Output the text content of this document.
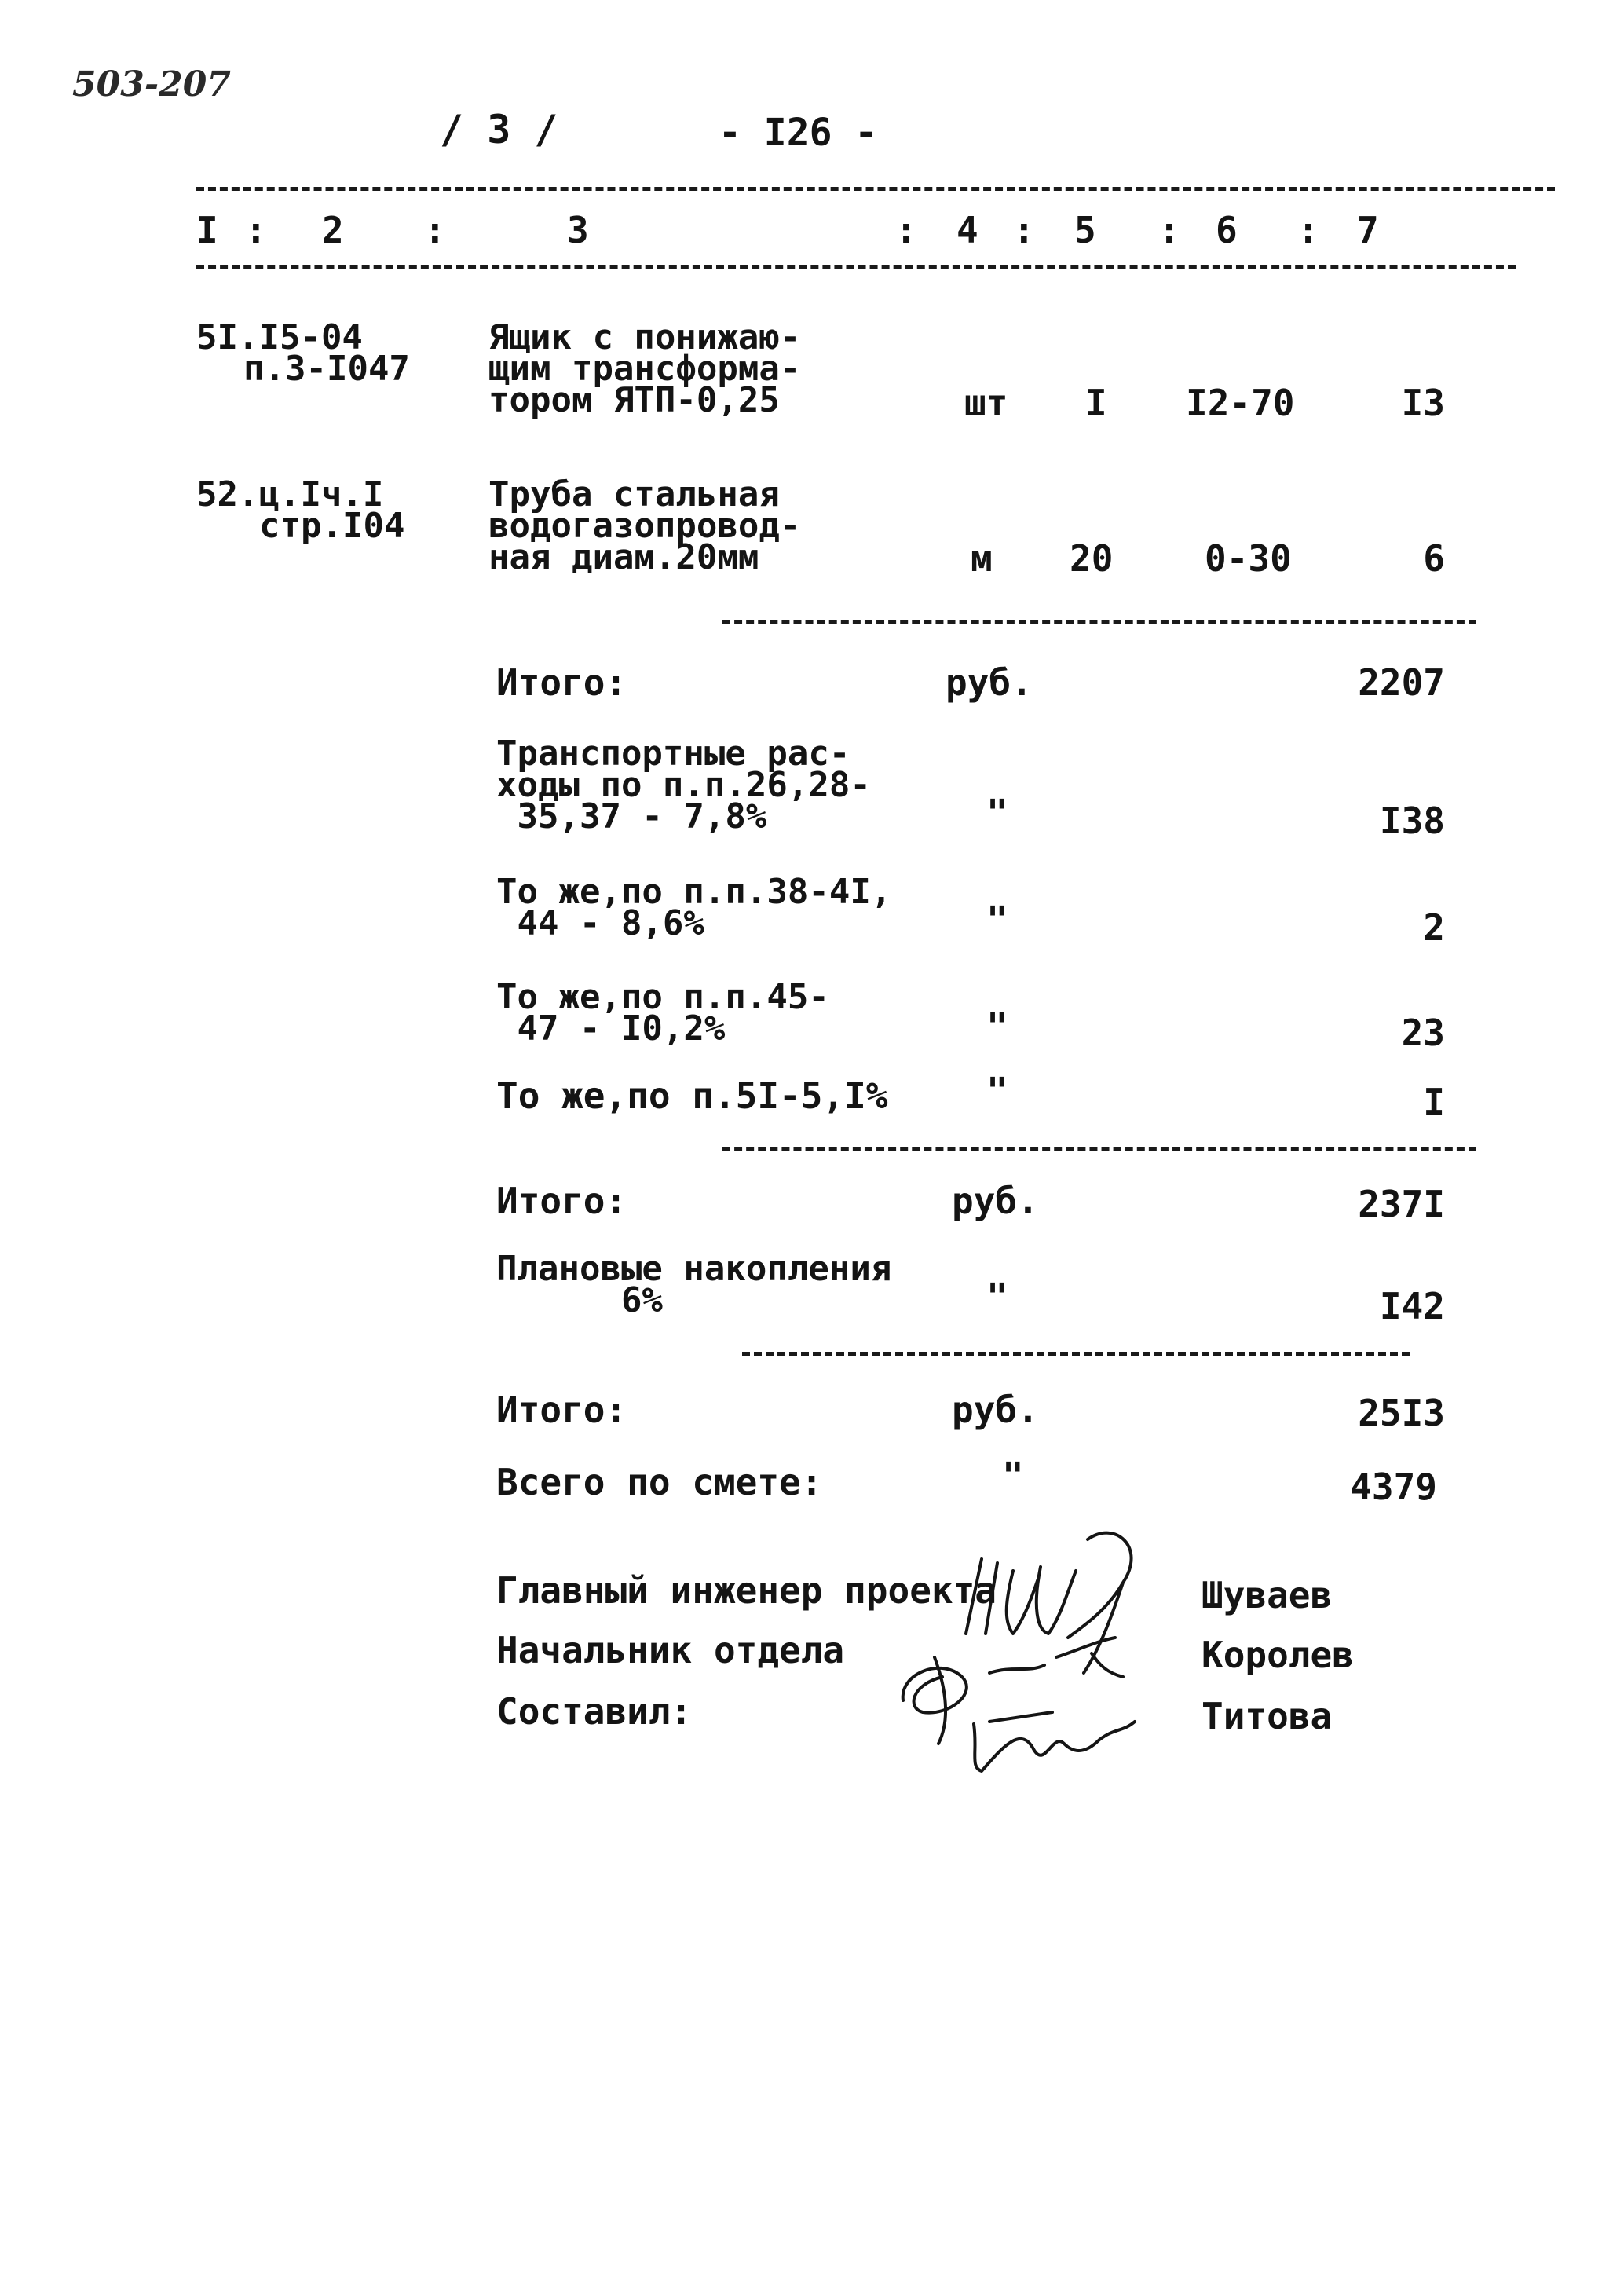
503-207
/ 3 /	- I26 -
I : 2 :	3	: 4 : 5 : 6 : 7
5I.I5-04
п.3-I047
Ящик с понижаю-
щим трансформа-
тором ЯТП-0,25	шт I I2-70	I3
52.ц.Iч.I
стр.I04
Труба стальная
водогазопровод-
ная диам.20мм	м 20	0-30	6
Итого:	руб.	2207
Транспортные рас-
ходы по п.п.26,28-
35,37 - 7,8%	"	I38
То же,по п.п.38-4I,
44 - 8,6%	"	2
То же,по п.п.45-
47 - I0,2%	"	23
То же,по п.5I-5,I%	"	I
Итого:	руб.	237I
Плановые накопления
6%	"	I42
Итого:	руб.	25I3
Всего по смете:	"	4379
Главный инженер проекта	Шуваев
Начальник отдела	Королев
Составил:	Титова
